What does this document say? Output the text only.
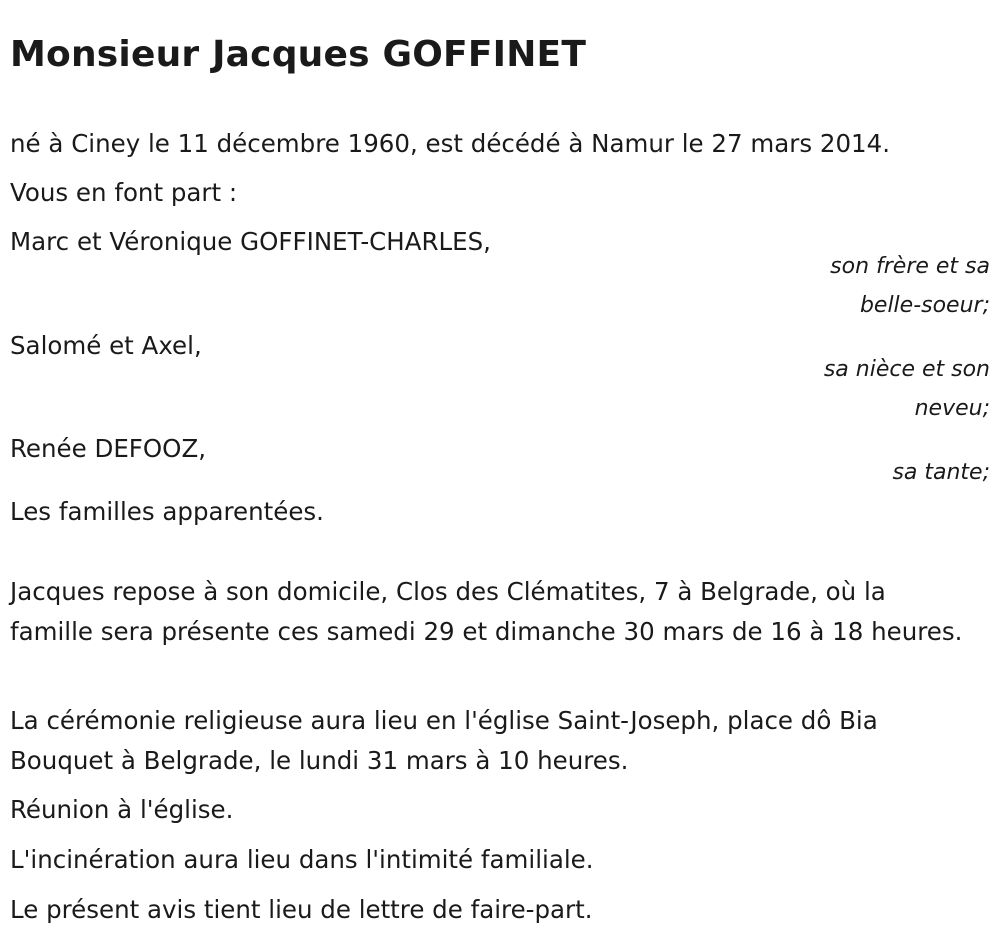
Monsieur Jacques GOFFINET

né à Ciney le 11 décembre 1960, est décédé à Namur le 27 mars 2014.

Vous en font part :

Marc et Véronique GOFFINET-CHARLES,

son frère et sa belle-soeur;

Salomé et Axel,

sa nièce et son neveu;

Renée DEFOOZ,

sa tante;

Les familles apparentées.

Jacques repose à son domicile, Clos des Clématites, 7 à Belgrade, où la famille sera présente ces samedi 29 et dimanche 30 mars de 16 à 18 heures.

La cérémonie religieuse aura lieu en l'église Saint-Joseph, place dô Bia Bouquet à Belgrade, le lundi 31 mars à 10 heures.

Réunion à l'église.

L'incinération aura lieu dans l'intimité familiale.

Le présent avis tient lieu de lettre de faire-part.
